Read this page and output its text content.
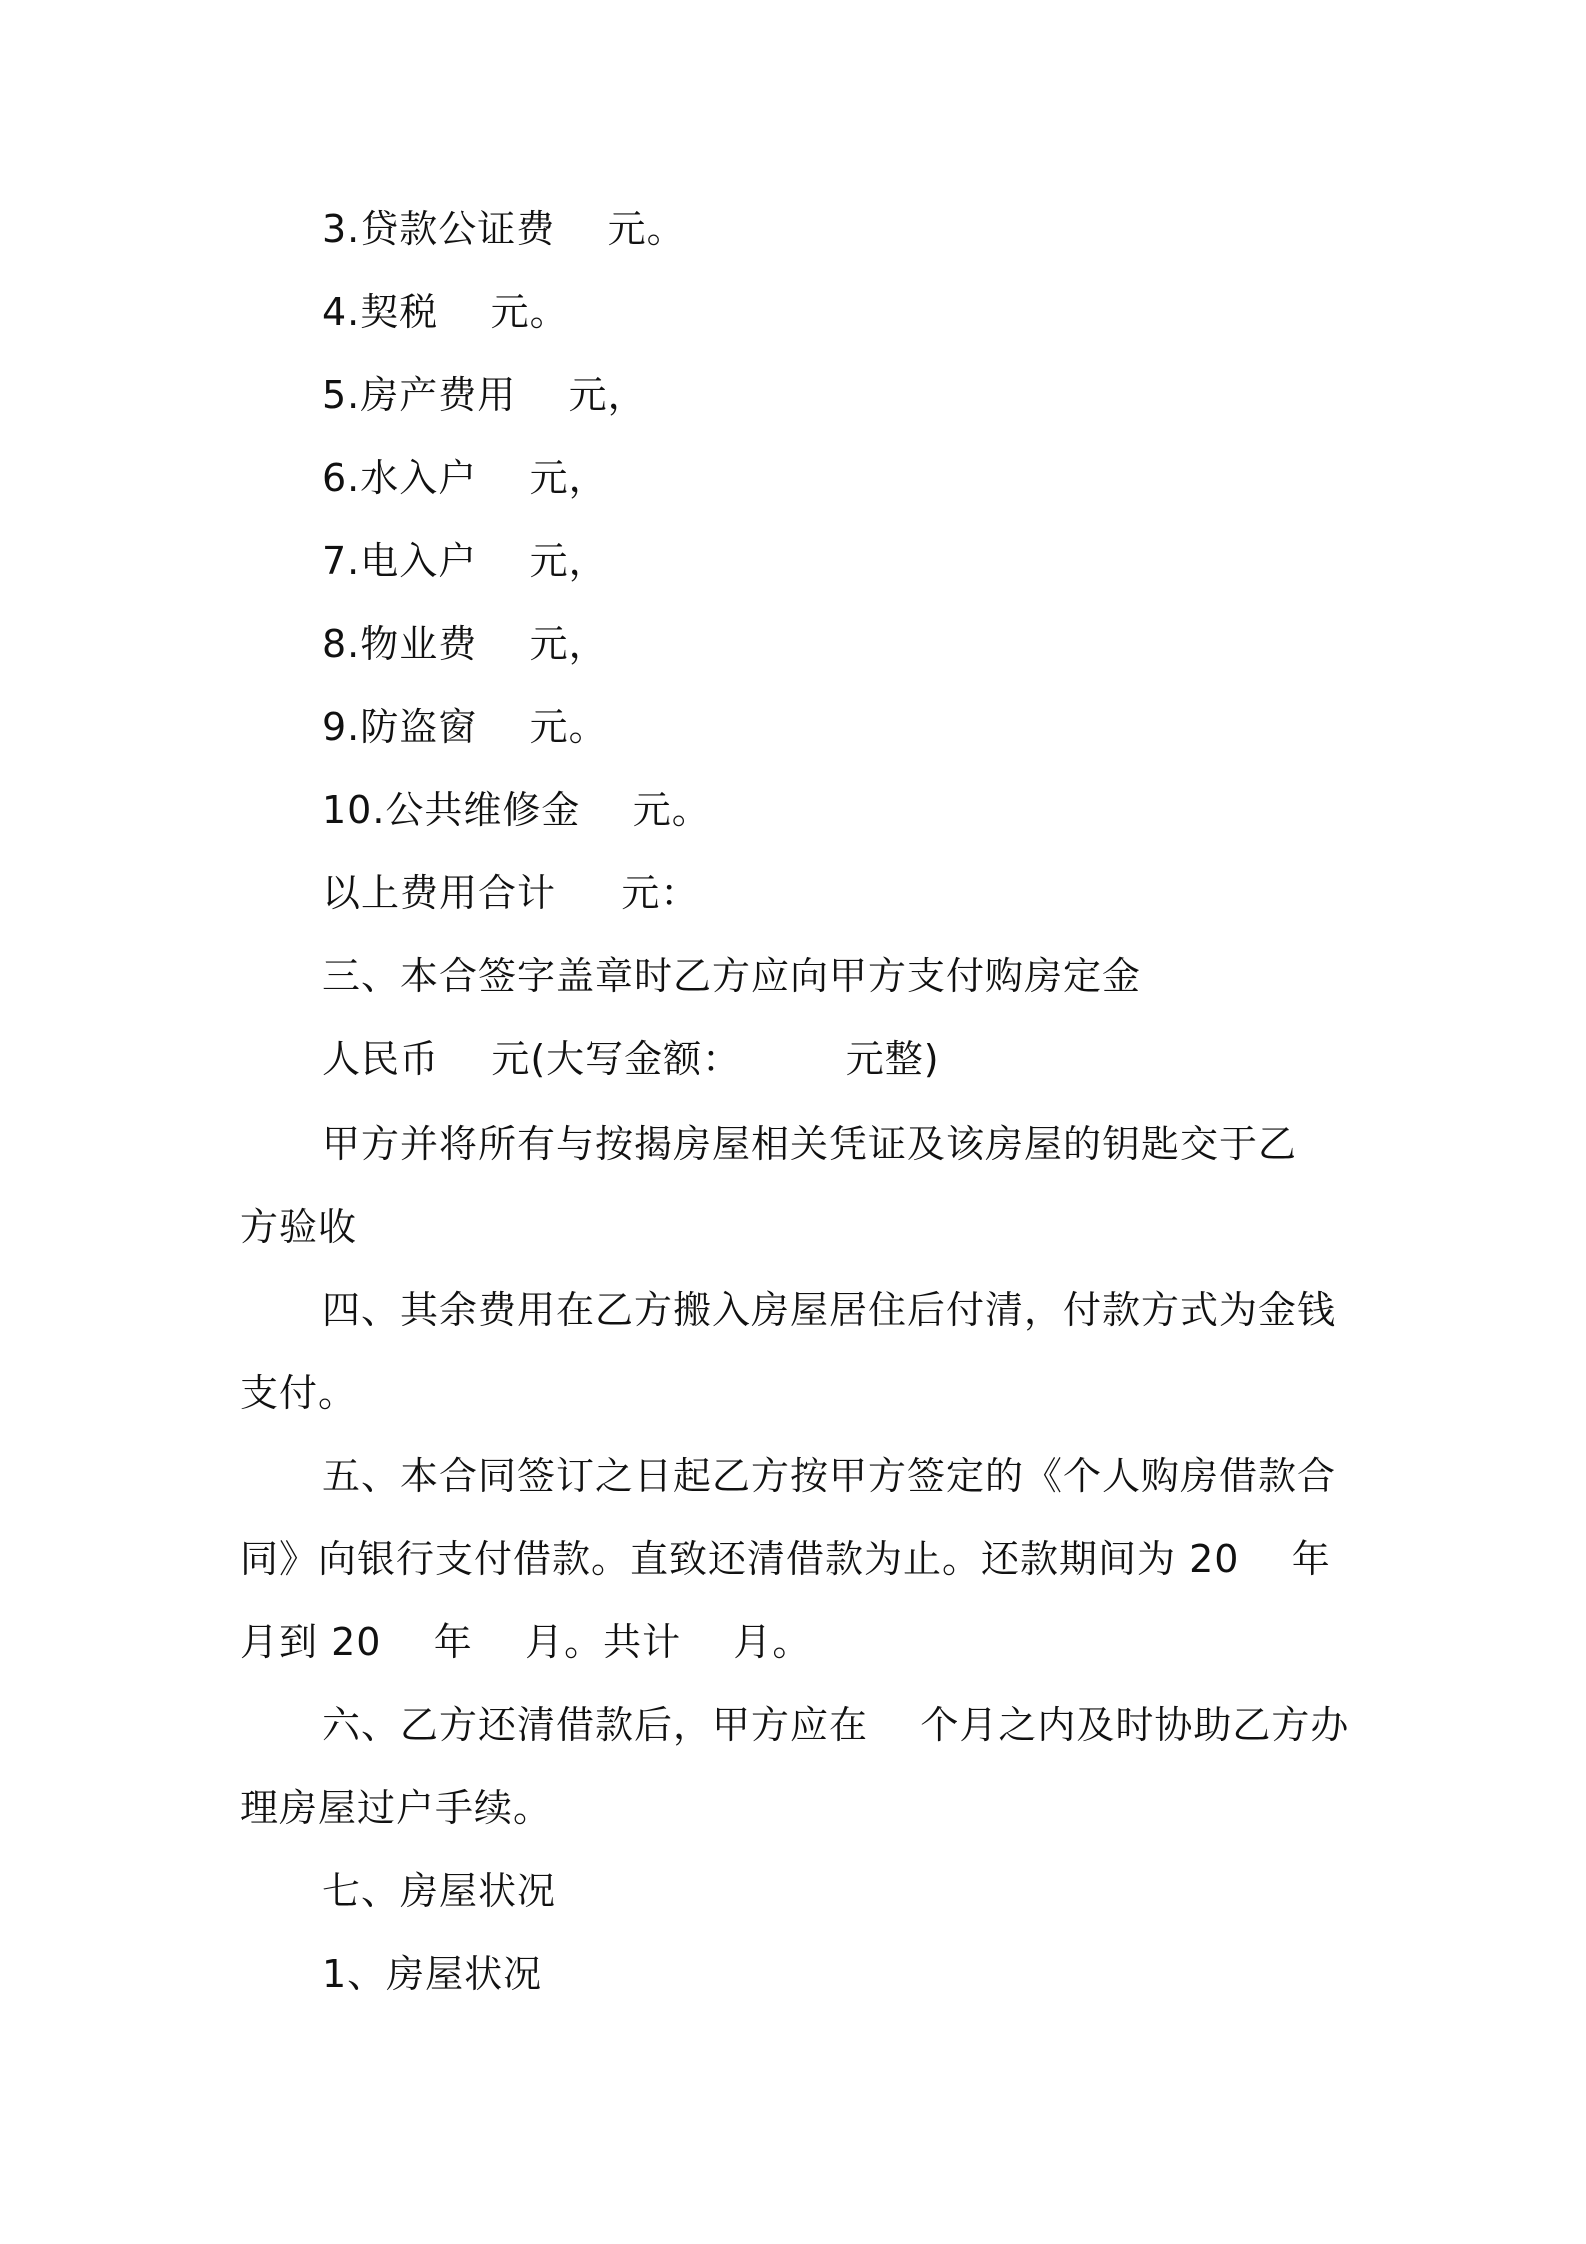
3.贷款公证费    元。
4.契税    元。
5.房产费用    元，
6.水入户    元，
7.电入户    元，
8.物业费    元，
9.防盗窗    元。
10.公共维修金    元。
以上费用合计     元：
三、本合签字盖章时乙方应向甲方支付购房定金
人民币    元(大写金额：        元整)
甲方并将所有与按揭房屋相关凭证及该房屋的钥匙交于乙
方验收
四、其余费用在乙方搬入房屋居住后付清，付款方式为金钱
支付。
五、本合同签订之日起乙方按甲方签定的《个人购房借款合
同》向银行支付借款。直致还清借款为止。还款期间为 20    年
月到 20    年    月。共计    月。
六、乙方还清借款后，甲方应在    个月之内及时协助乙方办
理房屋过户手续。
七、房屋状况
1、房屋状况
